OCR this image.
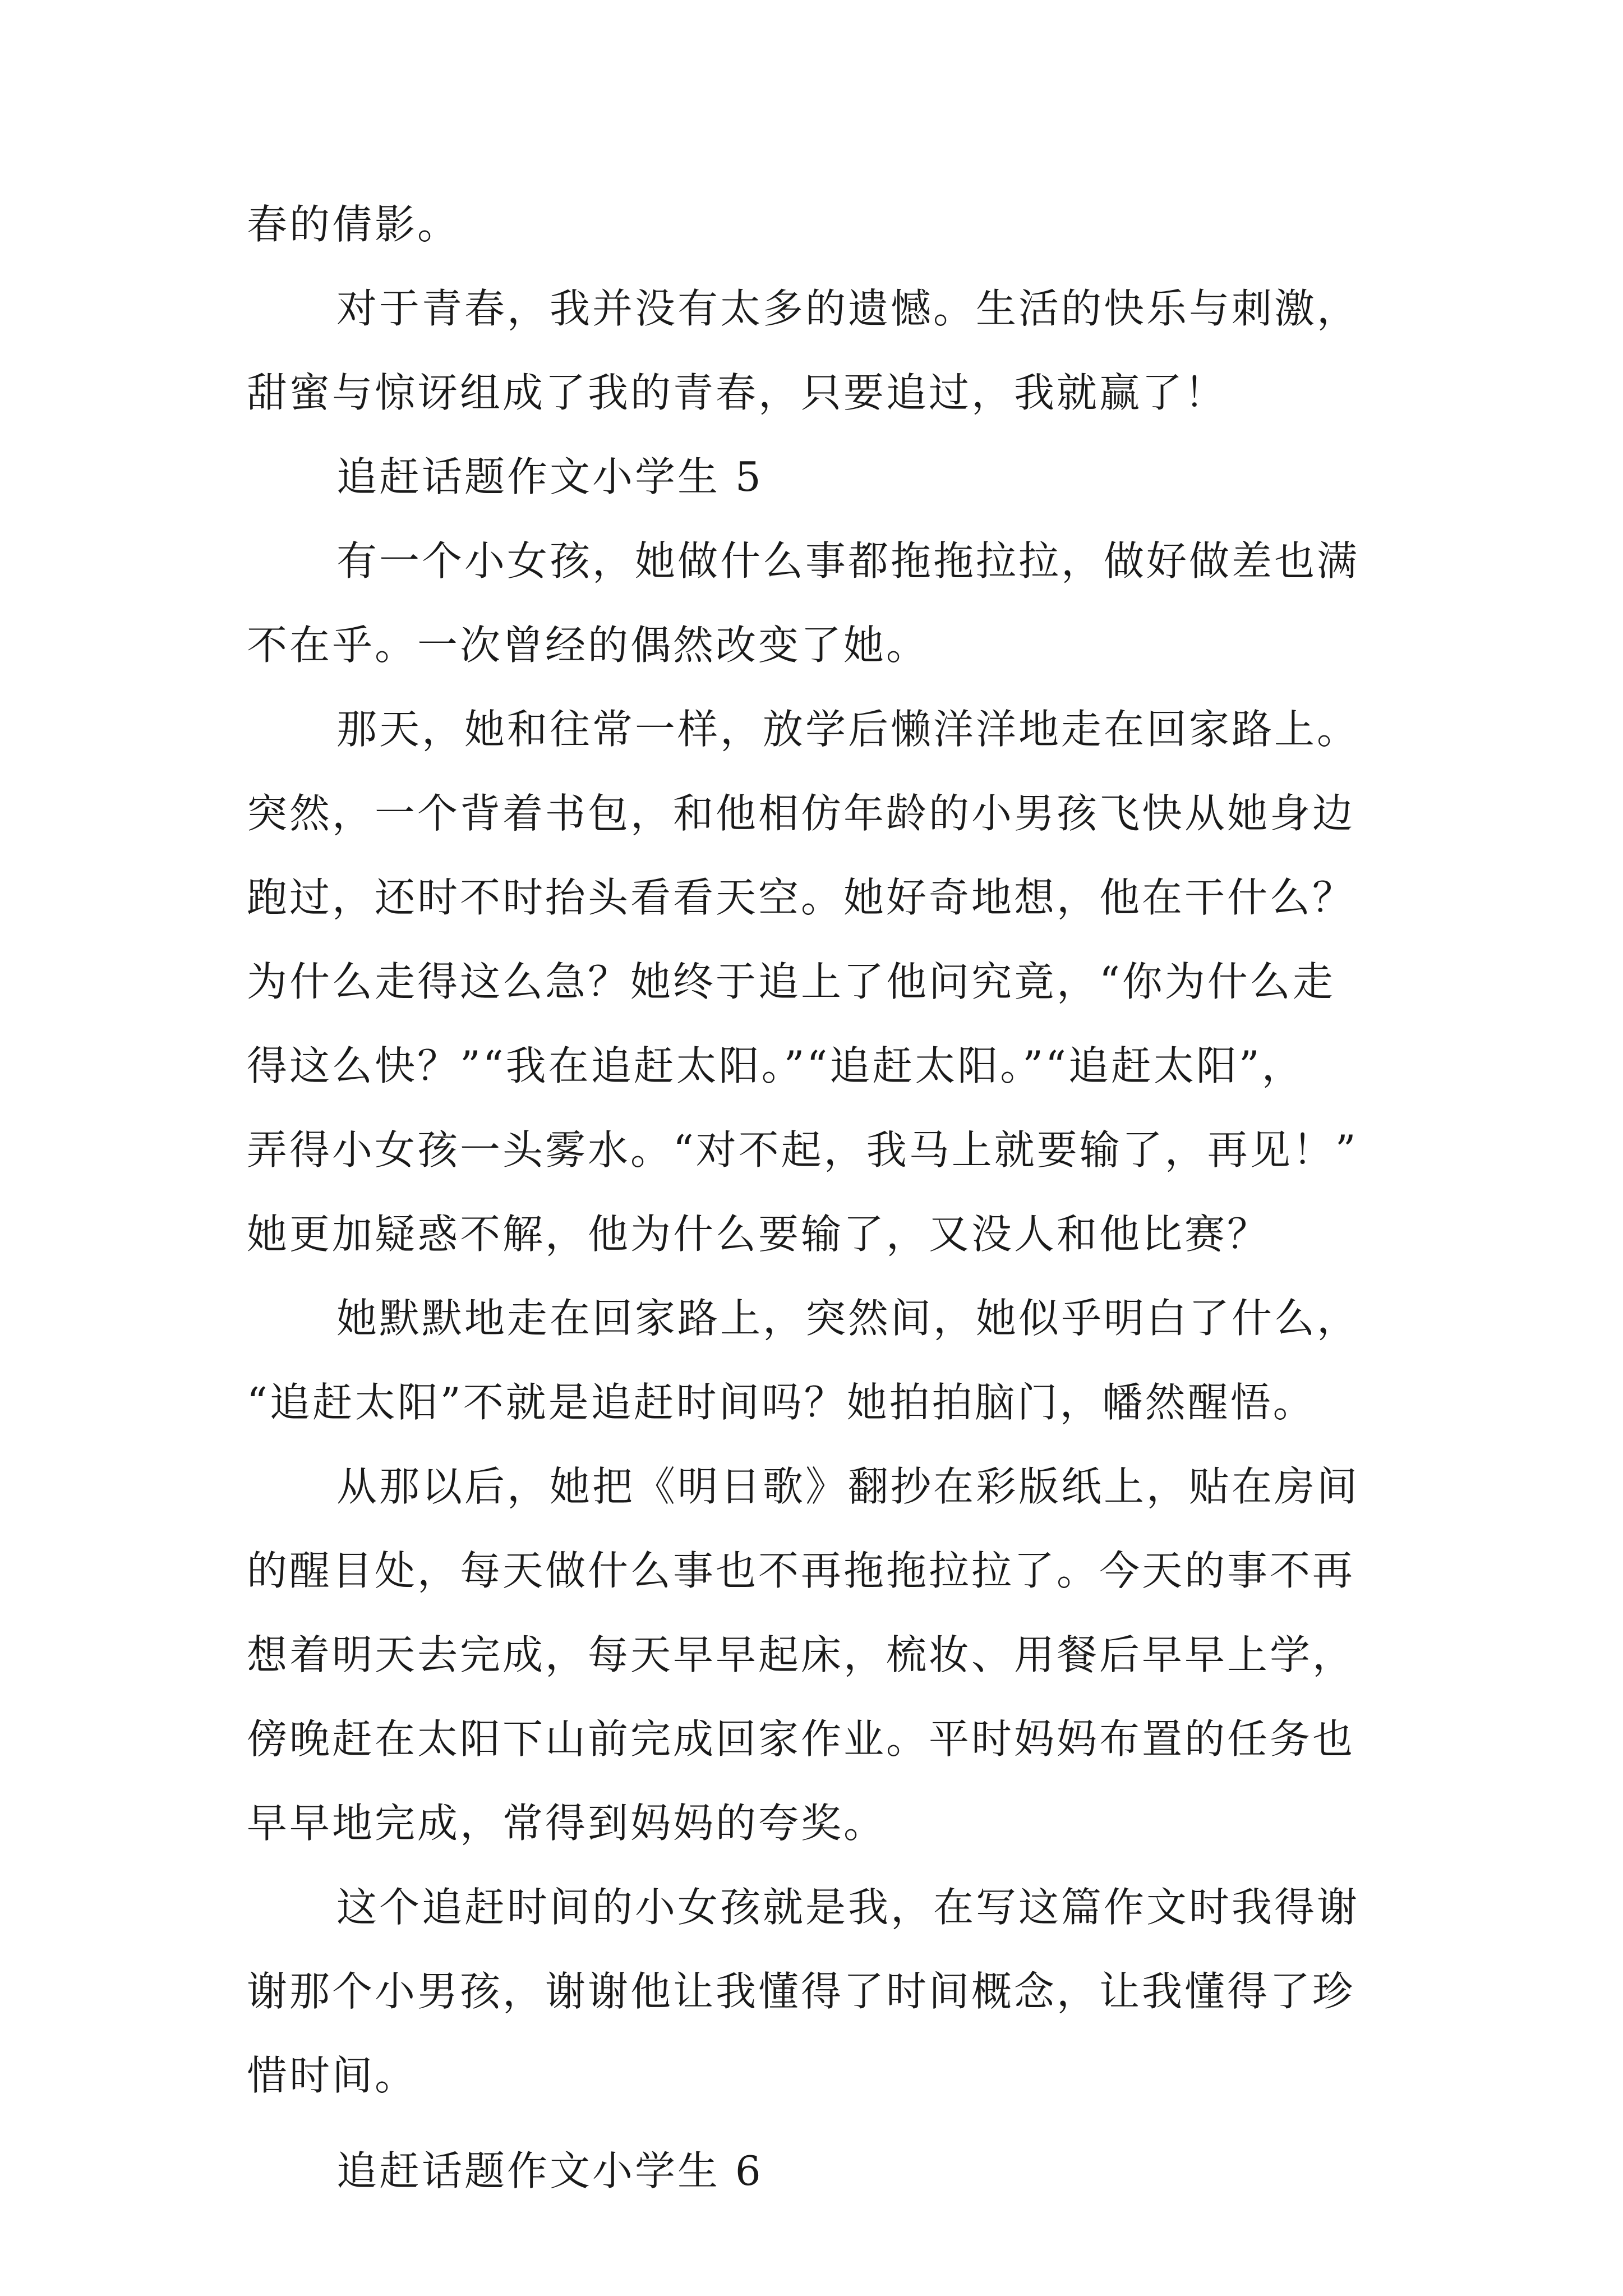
春的倩影。
对于青春，我并没有太多的遗憾。生活的快乐与刺激，
甜蜜与惊讶组成了我的青春，只要追过，我就赢了！
追赶话题作文小学生 5
有一个小女孩，她做什么事都拖拖拉拉，做好做差也满
不在乎。一次曾经的偶然改变了她。
那天，她和往常一样，放学后懒洋洋地走在回家路上。
突然，一个背着书包，和他相仿年龄的小男孩飞快从她身边
跑过，还时不时抬头看看天空。她好奇地想，他在干什么？
为什么走得这么急？她终于追上了他问究竟，“你为什么走
得这么快？”“我在追赶太阳。”“追赶太阳。”“追赶太阳”，
弄得小女孩一头雾水。“对不起，我马上就要输了，再见！”
她更加疑惑不解，他为什么要输了，又没人和他比赛？
她默默地走在回家路上，突然间，她似乎明白了什么，
“追赶太阳”不就是追赶时间吗？她拍拍脑门，幡然醒悟。
从那以后，她把《明日歌》翻抄在彩版纸上，贴在房间
的醒目处，每天做什么事也不再拖拖拉拉了。今天的事不再
想着明天去完成，每天早早起床，梳妆、用餐后早早上学，
傍晚赶在太阳下山前完成回家作业。平时妈妈布置的任务也
早早地完成，常得到妈妈的夸奖。
这个追赶时间的小女孩就是我，在写这篇作文时我得谢
谢那个小男孩，谢谢他让我懂得了时间概念，让我懂得了珍
惜时间。
追赶话题作文小学生 6
